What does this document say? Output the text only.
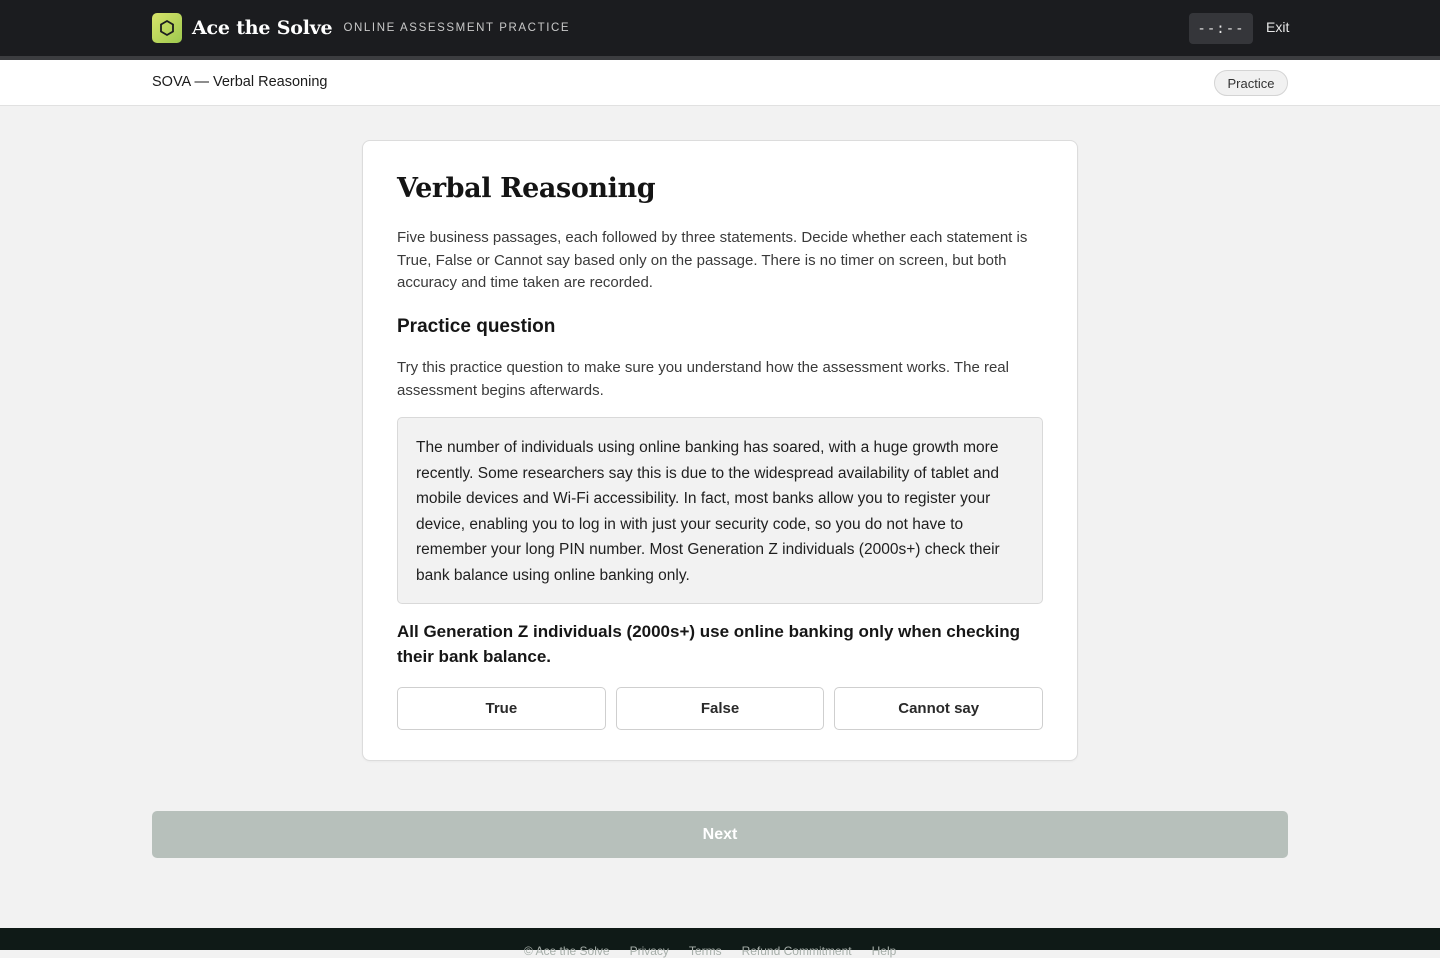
Ace the Solve ONLINE ASSESSMENT PRACTICE	--:--	Exit
SOVA — Verbal Reasoning	Practice
Verbal Reasoning

Five business passages, each followed by three statements. Decide whether each statement is True, False or Cannot say based only on the passage. There is no timer on screen, but both accuracy and time taken are recorded.

Practice question

Try this practice question to make sure you understand how the assessment works. The real assessment begins afterwards.

The number of individuals using online banking has soared, with a huge growth more recently. Some researchers say this is due to the widespread availability of tablet and mobile devices and Wi-Fi accessibility. In fact, most banks allow you to register your device, enabling you to log in with just your security code, so you do not have to remember your long PIN number. Most Generation Z individuals (2000s+) check their bank balance using online banking only.

All Generation Z individuals (2000s+) use online banking only when checking their bank balance.

True	False	Cannot say
Next
© Ace the Solve Privacy Terms Refund Commitment Help
